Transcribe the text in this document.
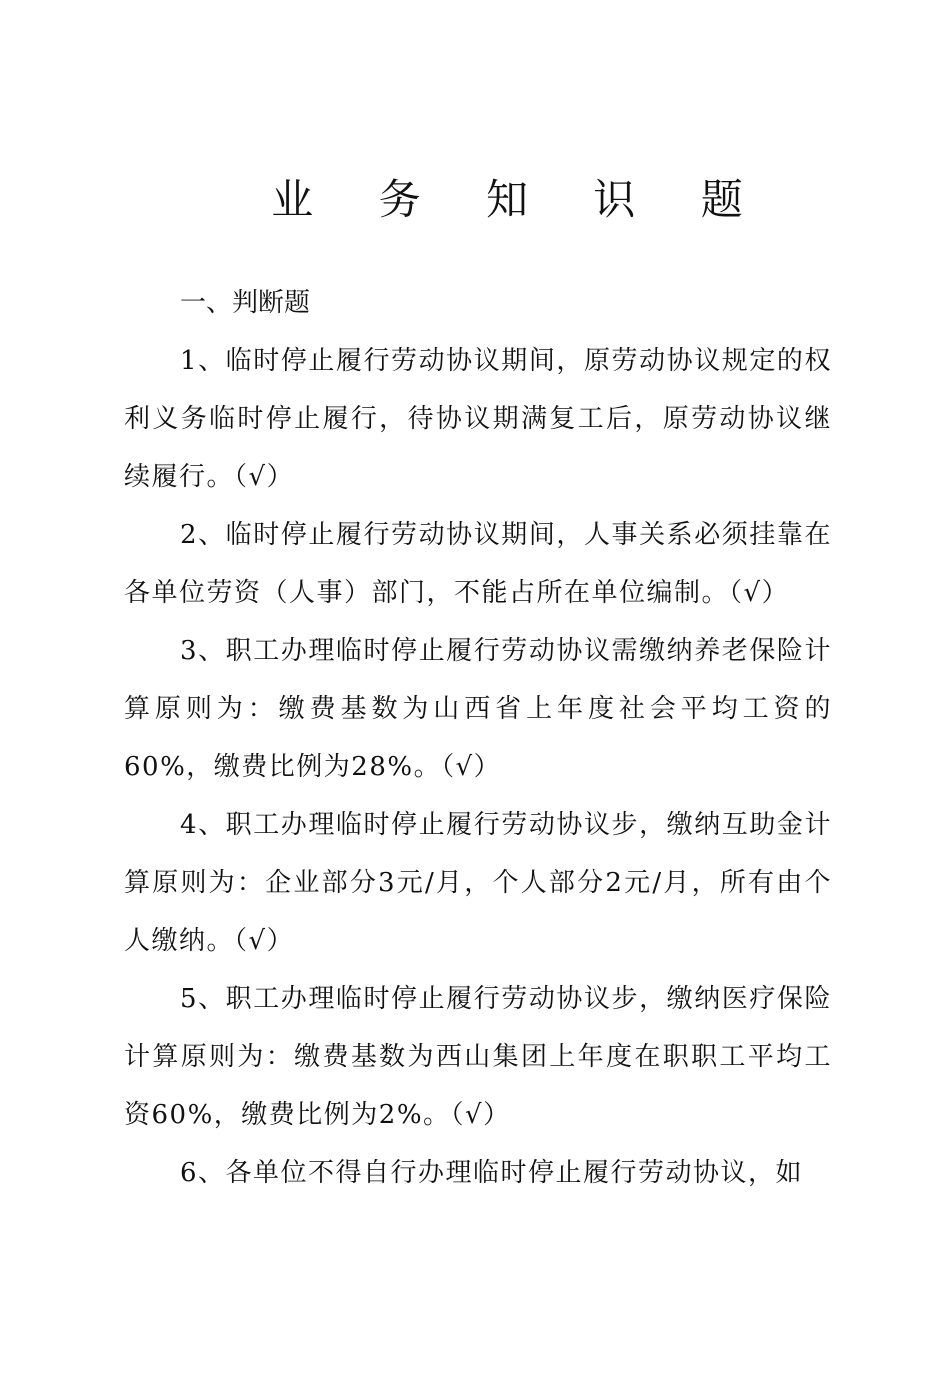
业 务 知 识 题
一、判断题

1、临时停止履行劳动协议期间，原劳动协议规定的权利义务临时停止履行，待协议期满复工后，原劳动协议继续履行。（√）

2、临时停止履行劳动协议期间，人事关系必须挂靠在各单位劳资（人事）部门，不能占所在单位编制。（√）

3、职工办理临时停止履行劳动协议需缴纳养老保险计算原则为：缴费基数为山西省上年度社会平均工资的60%，缴费比例为28%。（√）

4、职工办理临时停止履行劳动协议步，缴纳互助金计算原则为：企业部分3元/月，个人部分2元/月，所有由个人缴纳。（√）

5、职工办理临时停止履行劳动协议步，缴纳医疗保险计算原则为：缴费基数为西山集团上年度在职职工平均工资60%，缴费比例为2%。（√）

6、各单位不得自行办理临时停止履行劳动协议，如
